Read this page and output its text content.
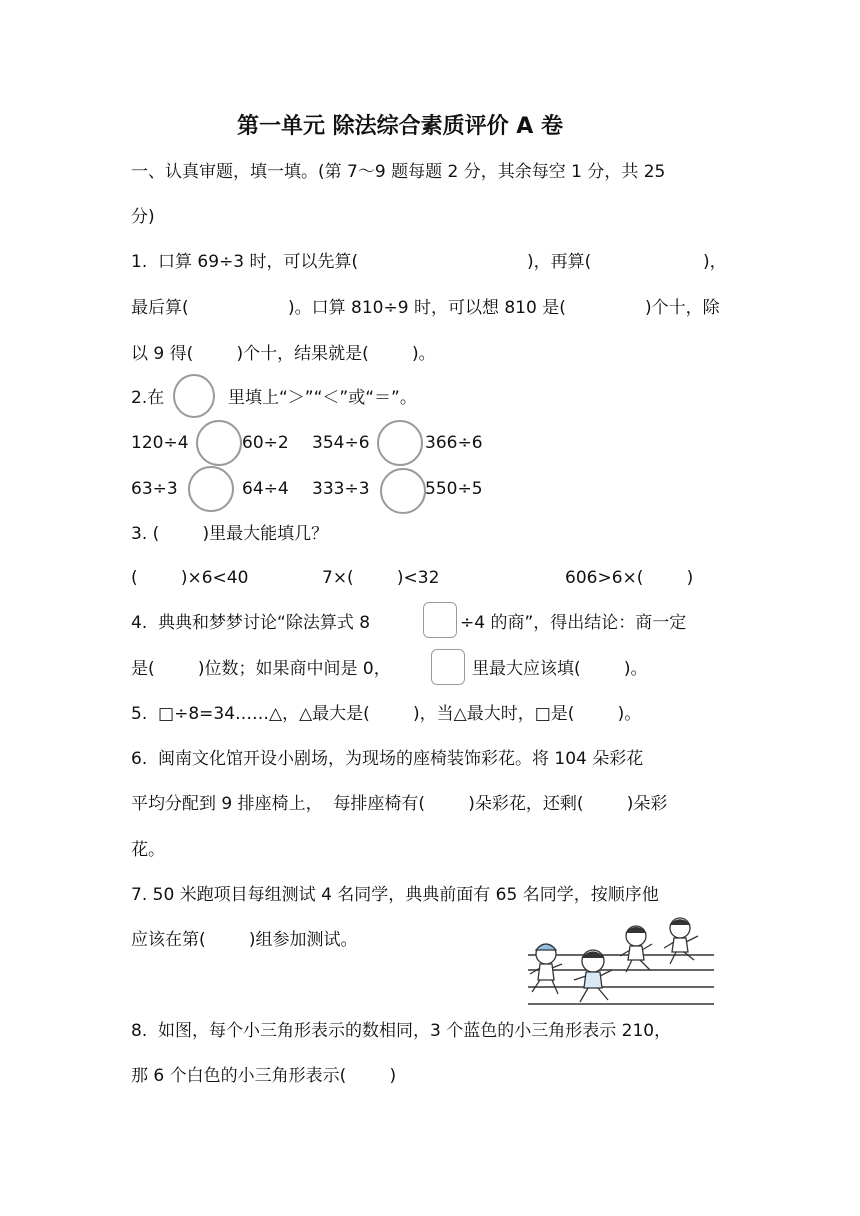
第一单元 除法综合素质评价 A 卷
一、认真审题，填一填。(第 7～9 题每题 2 分，其余每空 1 分，共 25
分)
1.  口算 69÷3 时，可以先算(	)，再算(	)，
最后算(	)。口算 810÷9 时，可以想 810 是(	)个十，除
以 9 得(        )个十，结果就是(        )。
2.在	里填上“＞”“＜”或“＝”。
120÷4	60÷2 354÷6	366÷6
63÷3	64÷4 333÷3	550÷5
3. (        )里最大能填几？
(        )×6<40	7×(        )<32	606>6×(        )
4.  典典和梦梦讨论“除法算式 8	÷4 的商”，得出结论：商一定
是(        )位数；如果商中间是 0，	里最大应该填(        )。
5.  □÷8=34……△，△最大是(        )，当△最大时，□是(        )。
6.  闽南文化馆开设小剧场，为现场的座椅装饰彩花。将 104 朵彩花
平均分配到 9 排座椅上，  每排座椅有(        )朵彩花，还剩(        )朵彩
花。
7. 50 米跑项目每组测试 4 名同学，典典前面有 65 名同学，按顺序他
应该在第(        )组参加测试。
8.  如图，每个小三角形表示的数相同，3 个蓝色的小三角形表示 210，
那 6 个白色的小三角形表示(        )
